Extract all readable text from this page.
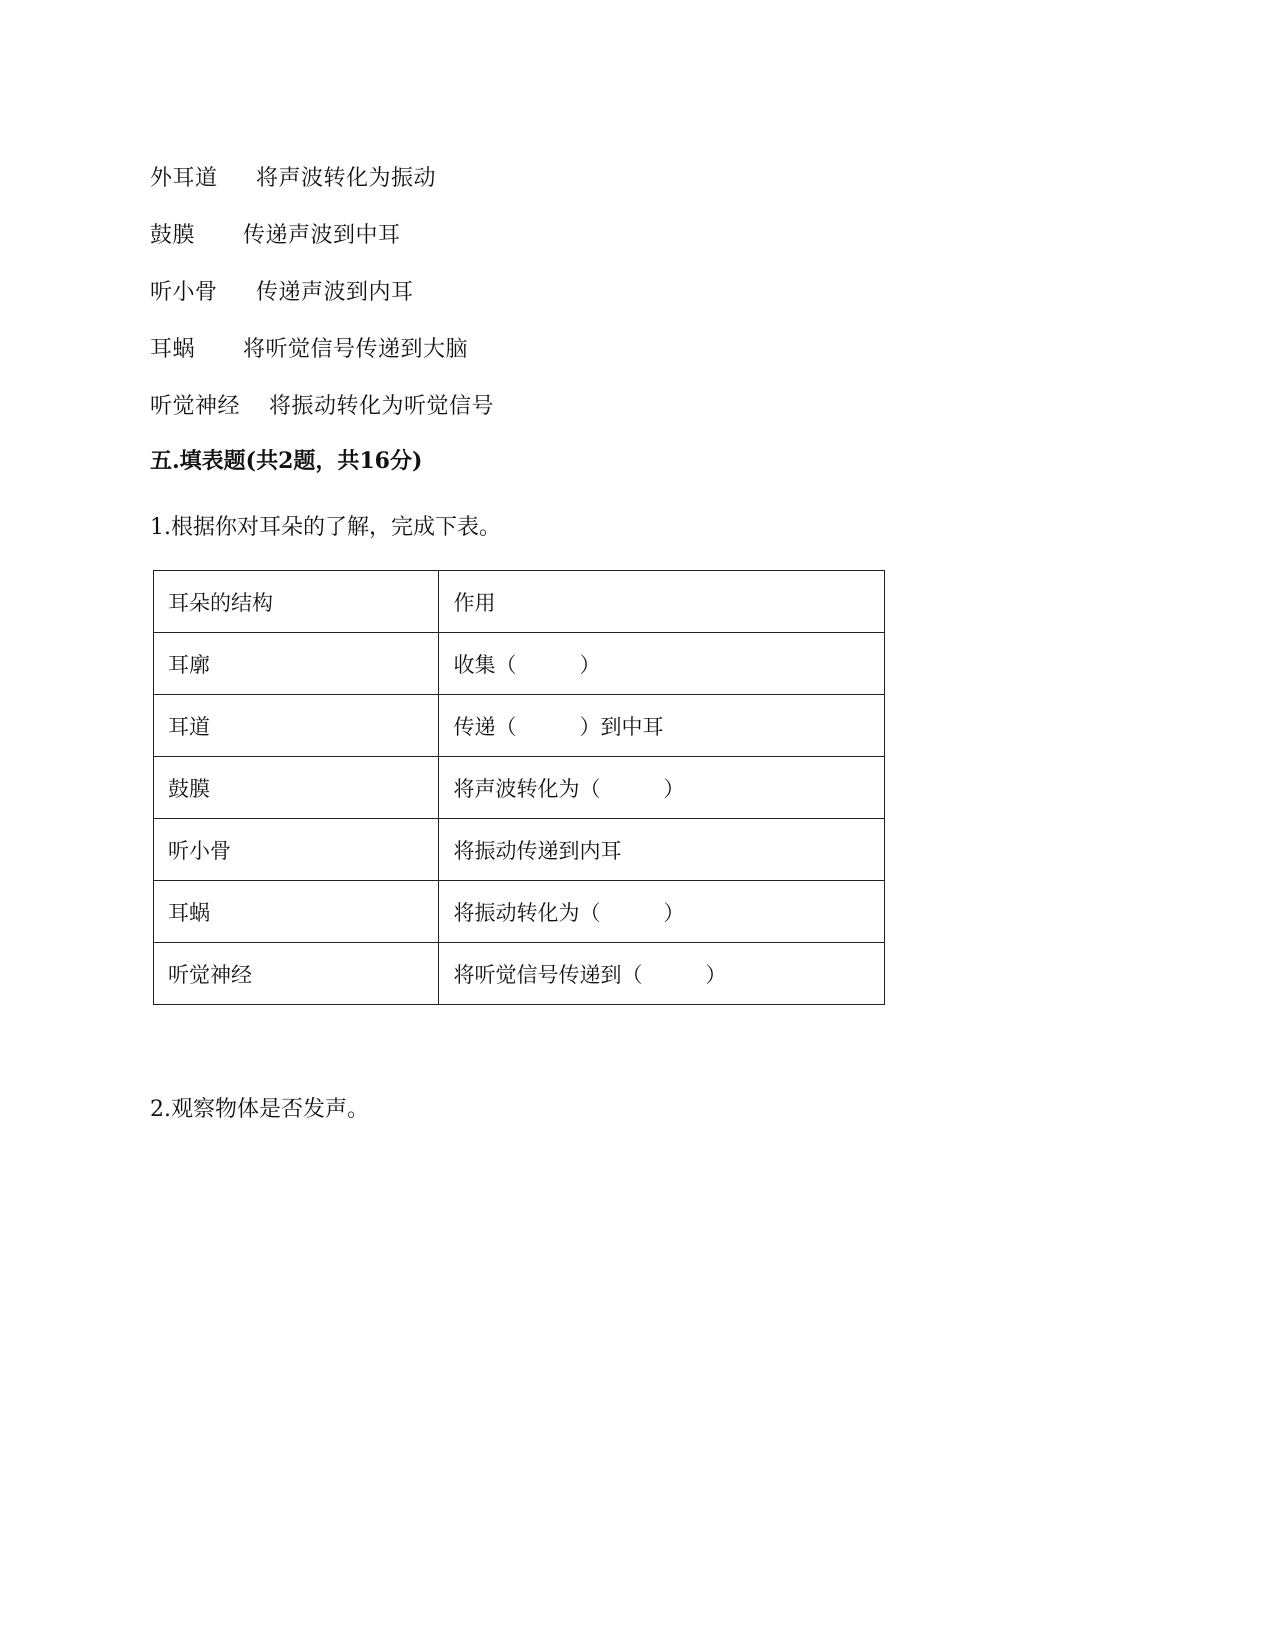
外耳道	将声波转化为振动
鼓膜	传递声波到中耳
听小骨	传递声波到内耳
耳蜗	将听觉信号传递到大脑
听觉神经	将振动转化为听觉信号
五.填表题(共2题，共16分)

1.根据你对耳朵的了解，完成下表。

耳朵的结构	作用
耳廓	收集（　　　）
耳道	传递（　　　）到中耳
鼓膜	将声波转化为（　　　）
听小骨	将振动传递到内耳
耳蜗	将振动转化为（　　　）
听觉神经	将听觉信号传递到（　　　）

2.观察物体是否发声。
